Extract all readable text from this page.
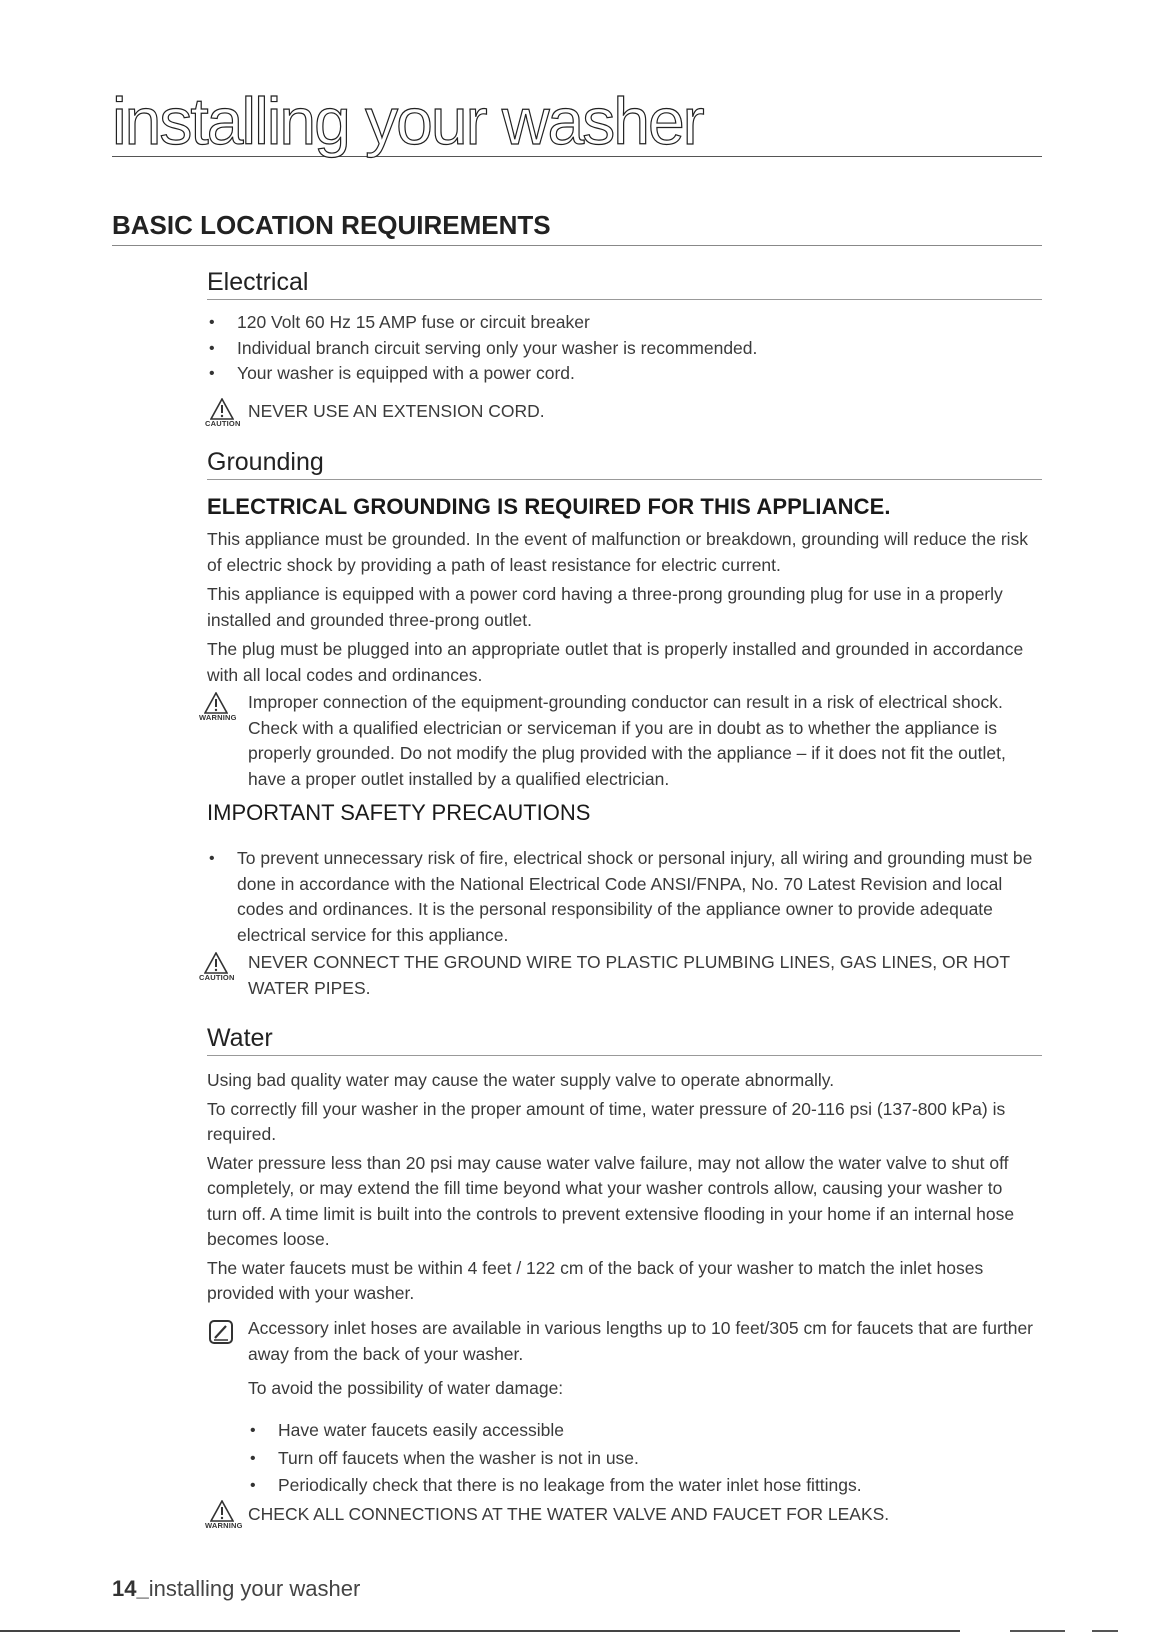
installing your washer
BASIC LOCATION REQUIREMENTS
Electrical
• 120 Volt 60 Hz 15 AMP fuse or circuit breaker
• Individual branch circuit serving only your washer is recommended.
• Your washer is equipped with a power cord.
CAUTION

NEVER USE AN EXTENSION CORD.

Grounding
ELECTRICAL GROUNDING IS REQUIRED FOR THIS APPLIANCE.

This appliance must be grounded. In the event of malfunction or breakdown, grounding will reduce the risk of electric shock by providing a path of least resistance for electric current.

This appliance is equipped with a power cord having a three-prong grounding plug for use in a properly installed and grounded three-prong outlet.

The plug must be plugged into an appropriate outlet that is properly installed and grounded in accordance with all local codes and ordinances.

WARNING

Improper connection of the equipment-grounding conductor can result in a risk of electrical shock. Check with a qualified electrician or serviceman if you are in doubt as to whether the appliance is properly grounded. Do not modify the plug provided with the appliance – if it does not fit the outlet, have a proper outlet installed by a qualified electrician.

IMPORTANT SAFETY PRECAUTIONS
• To prevent unnecessary risk of fire, electrical shock or personal injury, all wiring and grounding must be done in accordance with the National Electrical Code ANSI/FNPA, No. 70 Latest Revision and local codes and ordinances. It is the personal responsibility of the appliance owner to provide adequate electrical service for this appliance.
CAUTION

NEVER CONNECT THE GROUND WIRE TO PLASTIC PLUMBING LINES, GAS LINES, OR HOT WATER PIPES.

Water

Using bad quality water may cause the water supply valve to operate abnormally.

To correctly fill your washer in the proper amount of time, water pressure of 20-116 psi (137-800 kPa) is required.

Water pressure less than 20 psi may cause water valve failure, may not allow the water valve to shut off completely, or may extend the fill time beyond what your washer controls allow, causing your washer to turn off. A time limit is built into the controls to prevent extensive flooding in your home if an internal hose becomes loose.

The water faucets must be within 4 feet / 122 cm of the back of your washer to match the inlet hoses provided with your washer.

Accessory inlet hoses are available in various lengths up to 10 feet/305 cm for faucets that are further away from the back of your washer.

To avoid the possibility of water damage:

• Have water faucets easily accessible
• Turn off faucets when the washer is not in use.
• Periodically check that there is no leakage from the water inlet hose fittings.
WARNING

CHECK ALL CONNECTIONS AT THE WATER VALVE AND FAUCET FOR LEAKS.

14_installing your washer
